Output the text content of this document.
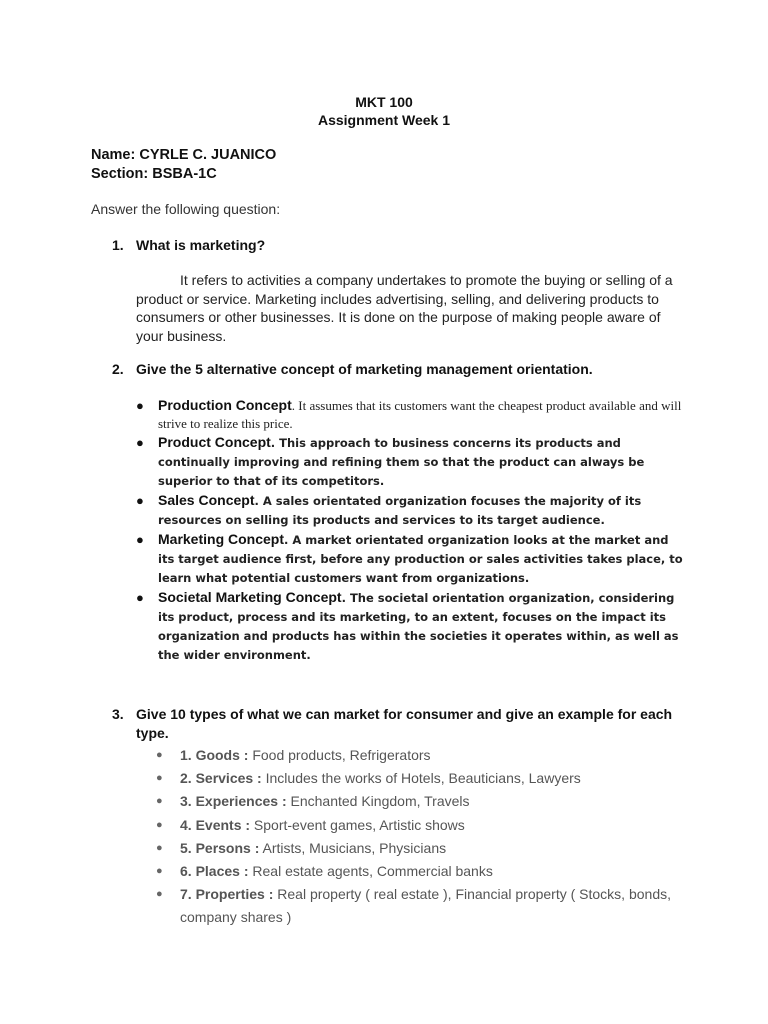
MKT 100
Assignment Week 1
Name: CYRLE C. JUANICO
Section: BSBA-1C
Answer the following question:
1. What is marketing?
It refers to activities a company undertakes to promote the buying or selling of a product or service. Marketing includes advertising, selling, and delivering products to consumers or other businesses. It is done on the purpose of making people aware of your business.
2. Give the 5 alternative concept of marketing management orientation.
● Production Concept. It assumes that its customers want the cheapest product available and will strive to realize this price.
● Product Concept. This approach to business concerns its products and continually improving and refining them so that the product can always be superior to that of its competitors.
● Sales Concept. A sales orientated organization focuses the majority of its resources on selling its products and services to its target audience.
● Marketing Concept. A market orientated organization looks at the market and its target audience first, before any production or sales activities takes place, to learn what potential customers want from organizations.
● Societal Marketing Concept. The societal orientation organization, considering its product, process and its marketing, to an extent, focuses on the impact its organization and products has within the societies it operates within, as well as the wider environment.
3. Give 10 types of what we can market for consumer and give an example for each type.
● 1. Goods : Food products, Refrigerators
● 2. Services : Includes the works of Hotels, Beauticians, Lawyers
● 3. Experiences : Enchanted Kingdom, Travels
● 4. Events : Sport-event games, Artistic shows
● 5. Persons : Artists, Musicians, Physicians
● 6. Places : Real estate agents, Commercial banks
● 7. Properties : Real property ( real estate ), Financial property ( Stocks, bonds, company shares )
